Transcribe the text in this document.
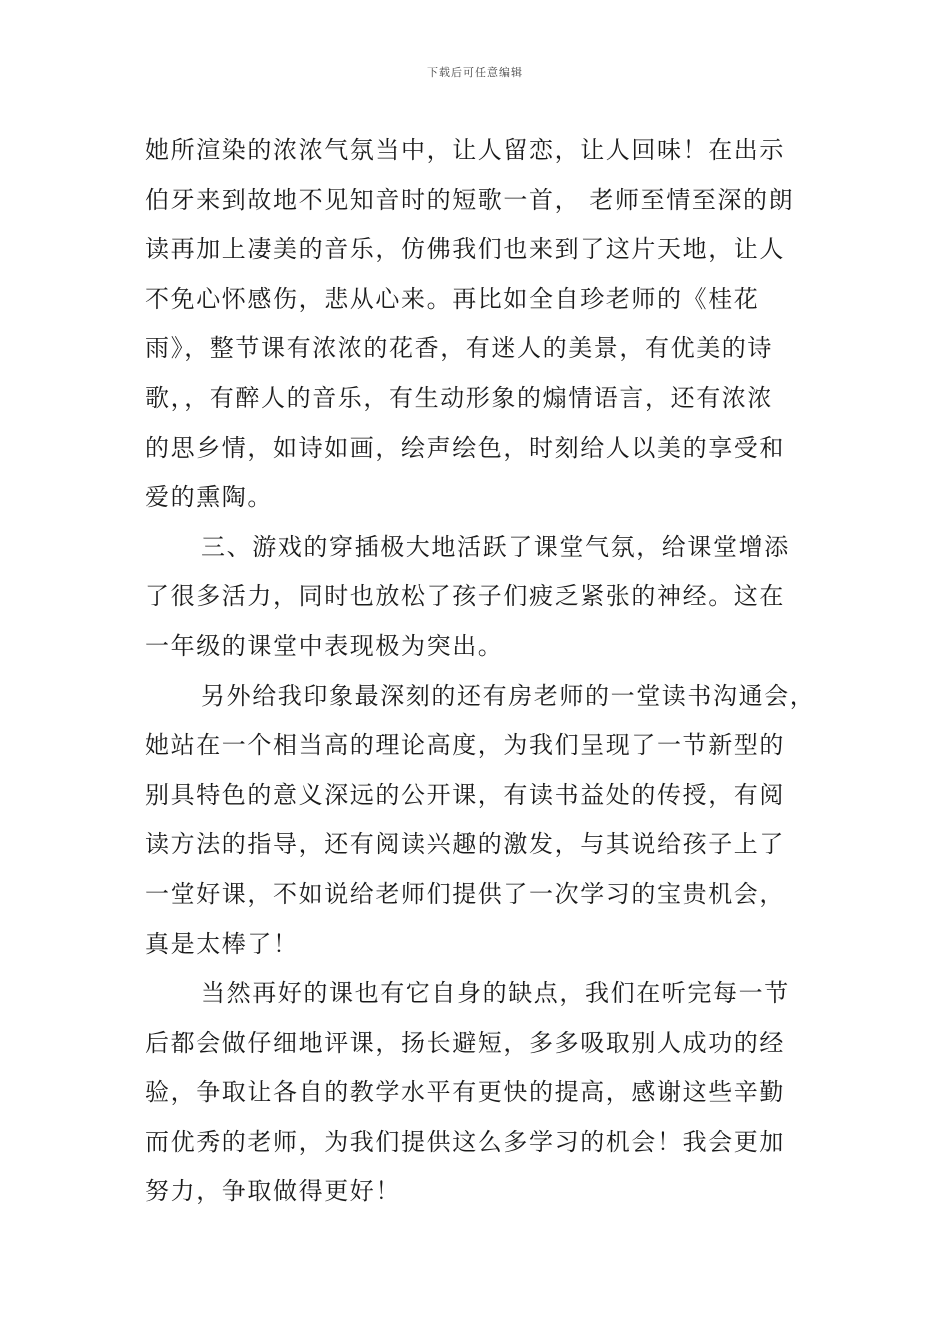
下载后可任意编辑
她所渲染的浓浓气氛当中，让人留恋，让人回味！在出示
伯牙来到故地不见知音时的短歌一首， 老师至情至深的朗
读再加上凄美的音乐，仿佛我们也来到了这片天地，让人
不免心怀感伤，悲从心来。再比如全自珍老师的《桂花
雨》，整节课有浓浓的花香，有迷人的美景，有优美的诗
歌，，有醉人的音乐，有生动形象的煽情语言，还有浓浓
的思乡情，如诗如画，绘声绘色，时刻给人以美的享受和
爱的熏陶。
三、游戏的穿插极大地活跃了课堂气氛，给课堂增添
了很多活力，同时也放松了孩子们疲乏紧张的神经。这在
一年级的课堂中表现极为突出。
另外给我印象最深刻的还有房老师的一堂读书沟通会，
她站在一个相当高的理论高度，为我们呈现了一节新型的
别具特色的意义深远的公开课，有读书益处的传授，有阅
读方法的指导，还有阅读兴趣的激发，与其说给孩子上了
一堂好课，不如说给老师们提供了一次学习的宝贵机会，
真是太棒了！
当然再好的课也有它自身的缺点，我们在听完每一节
后都会做仔细地评课，扬长避短，多多吸取别人成功的经
验，争取让各自的教学水平有更快的提高，感谢这些辛勤
而优秀的老师，为我们提供这么多学习的机会！我会更加
努力，争取做得更好！
